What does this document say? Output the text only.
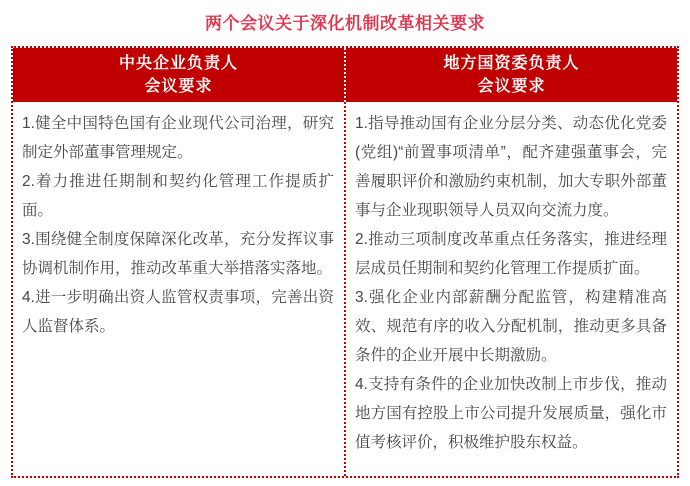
两个会议关于深化机制改革相关要求
中央企业负责人
会议要求
地方国资委负责人
会议要求

1.健全中国特色国有企业现代公司治理，研究制定外部董事管理规定。

2.着力推进任期制和契约化管理工作提质扩面。

3.围绕健全制度保障深化改革，充分发挥议事协调机制作用，推动改革重大举措落实落地。

4.进一步明确出资人监管权责事项，完善出资人监督体系。

1.指导推动国有企业分层分类、动态优化党委(党组)“前置事项清单”，配齐建强董事会，完善履职评价和激励约束机制，加大专职外部董事与企业现职领导人员双向交流力度。

2.推动三项制度改革重点任务落实，推进经理层成员任期制和契约化管理工作提质扩面。

3.强化企业内部薪酬分配监管，构建精准高效、规范有序的收入分配机制，推动更多具备条件的企业开展中长期激励。

4.支持有条件的企业加快改制上市步伐，推动地方国有控股上市公司提升发展质量，强化市值考核评价，积极维护股东权益。
